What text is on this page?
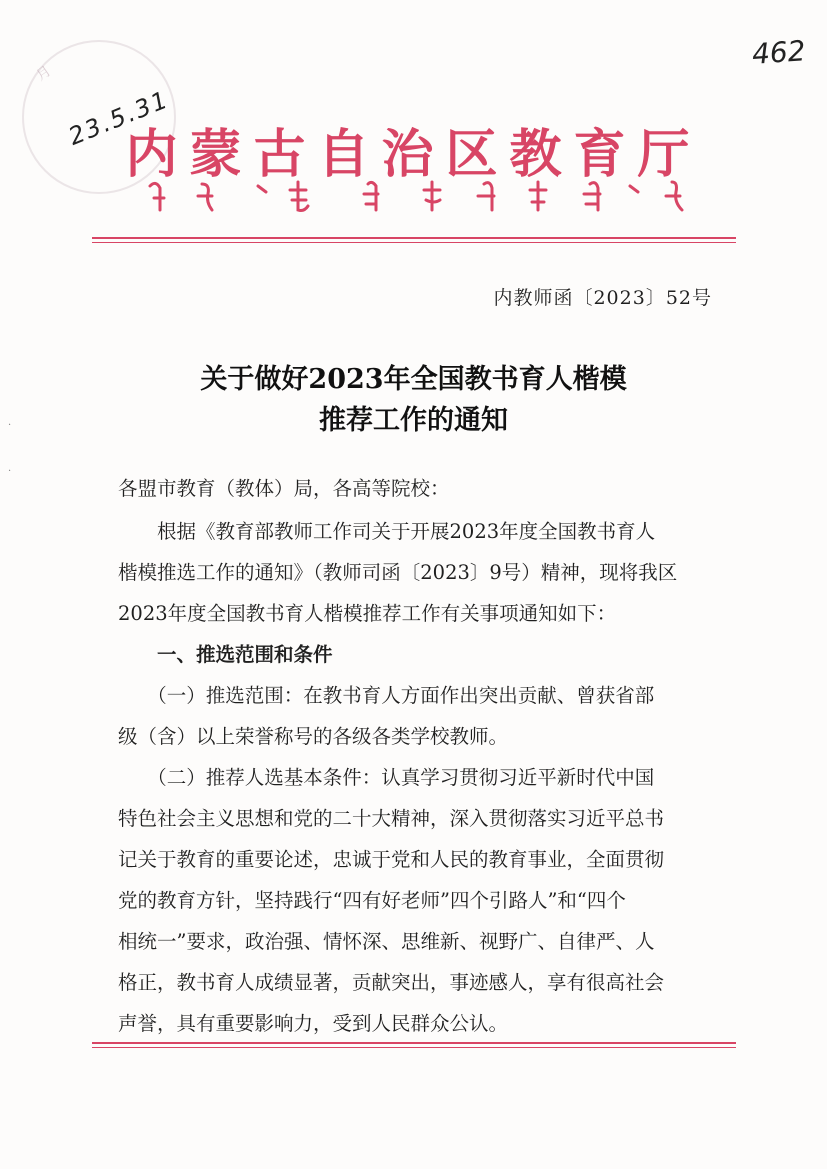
月
462
23.5.31
内蒙古自治区教育厅
内教师函〔2023〕52号
关于做好2023年全国教书育人楷模
推荐工作的通知
·
·
各盟市教育（教体）局，各高等院校：
　　根据《教育部教师工作司关于开展2023年度全国教书育人
楷模推选工作的通知》（教师司函〔2023〕9号）精神，现将我区
2023年度全国教书育人楷模推荐工作有关事项通知如下：
　　一、推选范围和条件
　　（一）推选范围：在教书育人方面作出突出贡献、曾获省部
级（含）以上荣誉称号的各级各类学校教师。
　　（二）推荐人选基本条件：认真学习贯彻习近平新时代中国
特色社会主义思想和党的二十大精神，深入贯彻落实习近平总书
记关于教育的重要论述，忠诚于党和人民的教育事业，全面贯彻
党的教育方针，坚持践行“四有好老师”四个引路人”和“四个
相统一”要求，政治强、情怀深、思维新、视野广、自律严、人
格正，教书育人成绩显著，贡献突出，事迹感人，享有很高社会
声誉，具有重要影响力，受到人民群众公认。
